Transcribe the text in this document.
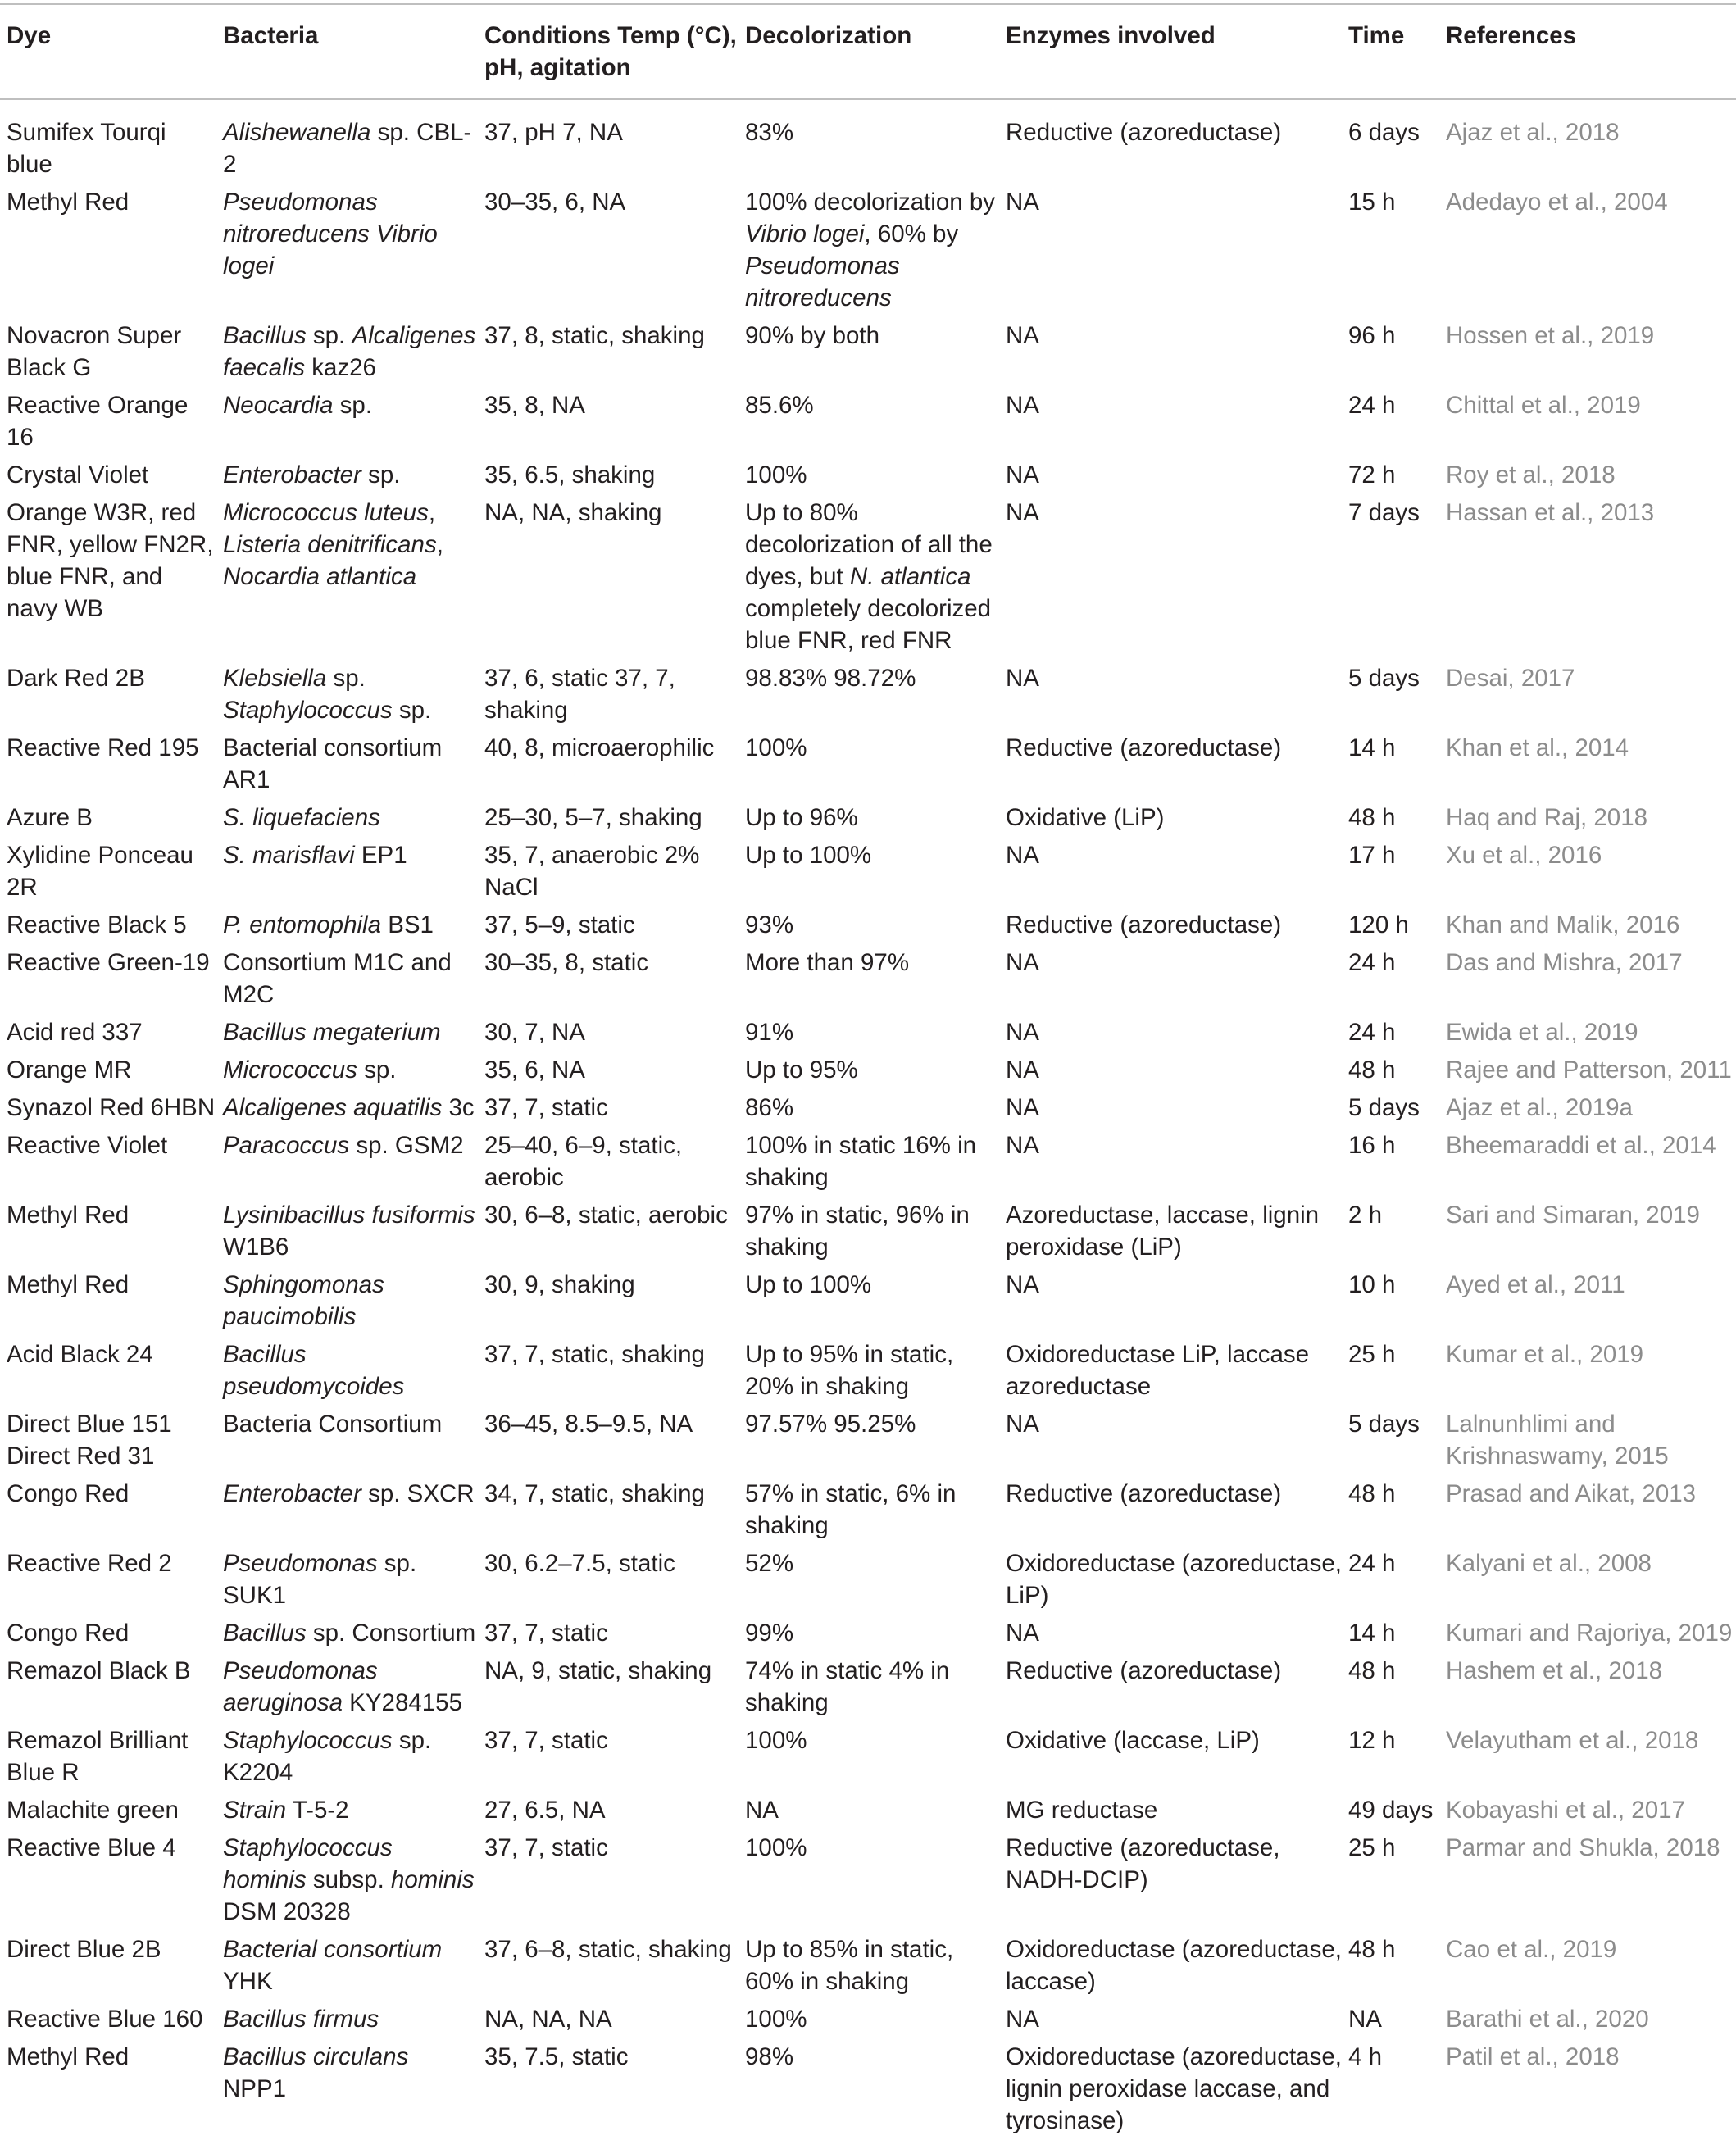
Dye	Bacteria	Conditions Temp (°C), pH, agitation	Decolorization	Enzymes involved	Time	References
Sumifex Tourqi blue	Alishewanella sp. CBL-2	37, pH 7, NA	83%	Reductive (azoreductase)	6 days	Ajaz et al., 2018
Methyl Red	Pseudomonas nitroreducens Vibrio logei	30–35, 6, NA	100% decolorization by Vibrio logei, 60% by Pseudomonas nitroreducens	NA	15 h	Adedayo et al., 2004
Novacron Super Black G	Bacillus sp. Alcaligenes faecalis kaz26	37, 8, static, shaking	90% by both	NA	96 h	Hossen et al., 2019
Reactive Orange 16	Neocardia sp.	35, 8, NA	85.6%	NA	24 h	Chittal et al., 2019
Crystal Violet	Enterobacter sp.	35, 6.5, shaking	100%	NA	72 h	Roy et al., 2018
Orange W3R, red FNR, yellow FN2R, blue FNR, and navy WB	Micrococcus luteus, Listeria denitrificans, Nocardia atlantica	NA, NA, shaking	Up to 80% decolorization of all the dyes, but N. atlantica completely decolorized blue FNR, red FNR	NA	7 days	Hassan et al., 2013
Dark Red 2B	Klebsiella sp. Staphylococcus sp.	37, 6, static 37, 7, shaking	98.83% 98.72%	NA	5 days	Desai, 2017
Reactive Red 195	Bacterial consortium AR1	40, 8, microaerophilic	100%	Reductive (azoreductase)	14 h	Khan et al., 2014
Azure B	S. liquefaciens	25–30, 5–7, shaking	Up to 96%	Oxidative (LiP)	48 h	Haq and Raj, 2018
Xylidine Ponceau 2R	S. marisflavi EP1	35, 7, anaerobic 2% NaCl	Up to 100%	NA	17 h	Xu et al., 2016
Reactive Black 5	P. entomophila BS1	37, 5–9, static	93%	Reductive (azoreductase)	120 h	Khan and Malik, 2016
Reactive Green-19	Consortium M1C and M2C	30–35, 8, static	More than 97%	NA	24 h	Das and Mishra, 2017
Acid red 337	Bacillus megaterium	30, 7, NA	91%	NA	24 h	Ewida et al., 2019
Orange MR	Micrococcus sp.	35, 6, NA	Up to 95%	NA	48 h	Rajee and Patterson, 2011
Synazol Red 6HBN	Alcaligenes aquatilis 3c	37, 7, static	86%	NA	5 days	Ajaz et al., 2019a
Reactive Violet	Paracoccus sp. GSM2	25–40, 6–9, static, aerobic	100% in static 16% in shaking	NA	16 h	Bheemaraddi et al., 2014
Methyl Red	Lysinibacillus fusiformis W1B6	30, 6–8, static, aerobic	97% in static, 96% in shaking	Azoreductase, laccase, lignin peroxidase (LiP)	2 h	Sari and Simaran, 2019
Methyl Red	Sphingomonas paucimobilis	30, 9, shaking	Up to 100%	NA	10 h	Ayed et al., 2011
Acid Black 24	Bacillus pseudomycoides	37, 7, static, shaking	Up to 95% in static, 20% in shaking	Oxidoreductase LiP, laccase azoreductase	25 h	Kumar et al., 2019
Direct Blue 151 Direct Red 31	Bacteria Consortium	36–45, 8.5–9.5, NA	97.57% 95.25%	NA	5 days	Lalnunhlimi and Krishnaswamy, 2015
Congo Red	Enterobacter sp. SXCR	34, 7, static, shaking	57% in static, 6% in shaking	Reductive (azoreductase)	48 h	Prasad and Aikat, 2013
Reactive Red 2	Pseudomonas sp. SUK1	30, 6.2–7.5, static	52%	Oxidoreductase (azoreductase, LiP)	24 h	Kalyani et al., 2008
Congo Red	Bacillus sp. Consortium	37, 7, static	99%	NA	14 h	Kumari and Rajoriya, 2019
Remazol Black B	Pseudomonas aeruginosa KY284155	NA, 9, static, shaking	74% in static 4% in shaking	Reductive (azoreductase)	48 h	Hashem et al., 2018
Remazol Brilliant Blue R	Staphylococcus sp. K2204	37, 7, static	100%	Oxidative (laccase, LiP)	12 h	Velayutham et al., 2018
Malachite green	Strain T-5-2	27, 6.5, NA	NA	MG reductase	49 days	Kobayashi et al., 2017
Reactive Blue 4	Staphylococcus hominis subsp. hominis DSM 20328	37, 7, static	100%	Reductive (azoreductase, NADH-DCIP)	25 h	Parmar and Shukla, 2018
Direct Blue 2B	Bacterial consortium YHK	37, 6–8, static, shaking	Up to 85% in static, 60% in shaking	Oxidoreductase (azoreductase, laccase)	48 h	Cao et al., 2019
Reactive Blue 160	Bacillus firmus	NA, NA, NA	100%	NA	NA	Barathi et al., 2020
Methyl Red	Bacillus circulans NPP1	35, 7.5, static	98%	Oxidoreductase (azoreductase, lignin peroxidase laccase, and tyrosinase)	4 h	Patil et al., 2018
